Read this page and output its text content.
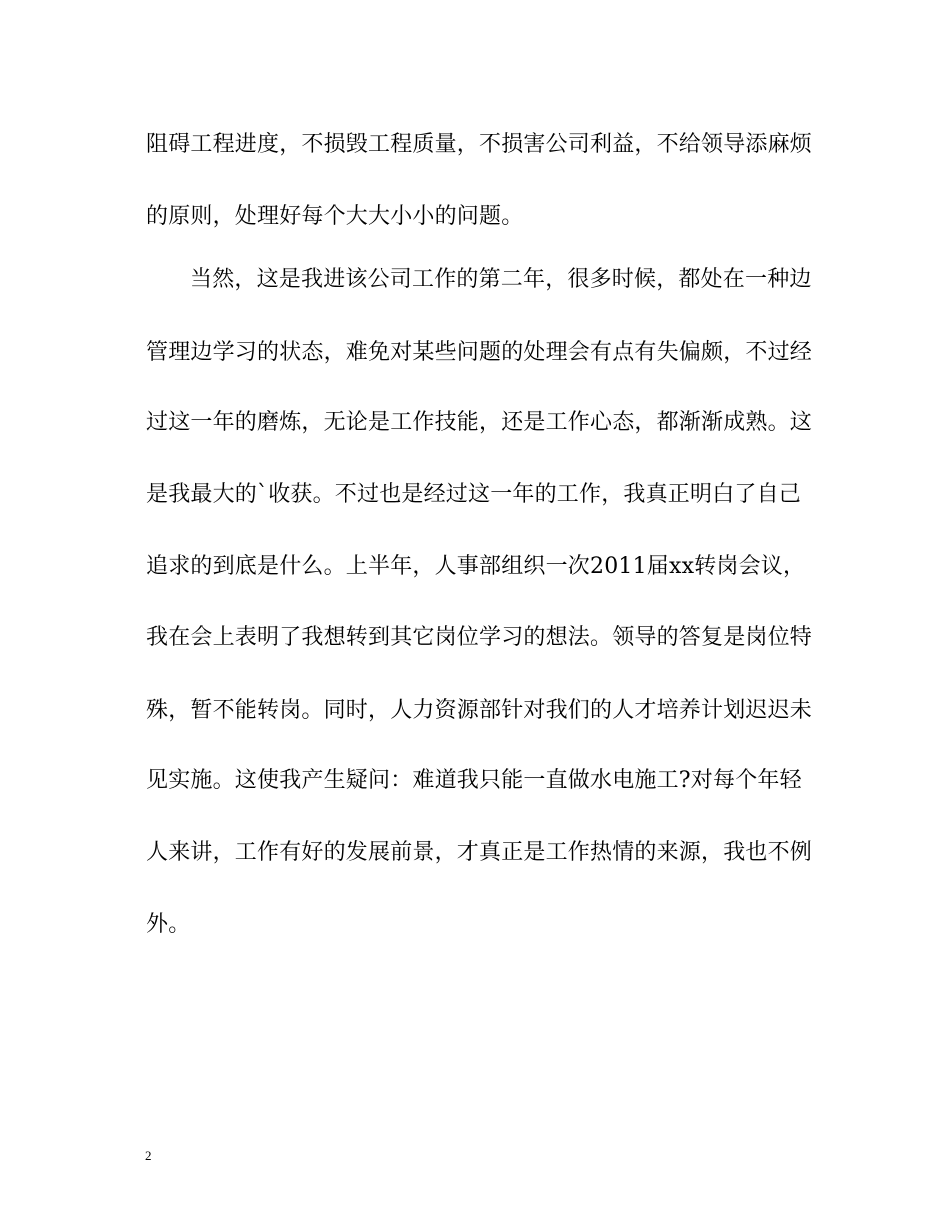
阻碍工程进度，不损毁工程质量，不损害公司利益，不给领导添麻烦
的原则，处理好每个大大小小的问题。
当然，这是我进该公司工作的第二年，很多时候，都处在一种边
管理边学习的状态，难免对某些问题的处理会有点有失偏颇，不过经
过这一年的磨炼，无论是工作技能，还是工作心态，都渐渐成熟。这
是我最大的`收获。不过也是经过这一年的工作，我真正明白了自己
追求的到底是什么。上半年，人事部组织一次2011届xx转岗会议，
我在会上表明了我想转到其它岗位学习的想法。领导的答复是岗位特
殊，暂不能转岗。同时，人力资源部针对我们的人才培养计划迟迟未
见实施。这使我产生疑问：难道我只能一直做水电施工?对每个年轻
人来讲，工作有好的发展前景，才真正是工作热情的来源，我也不例
外。
2
